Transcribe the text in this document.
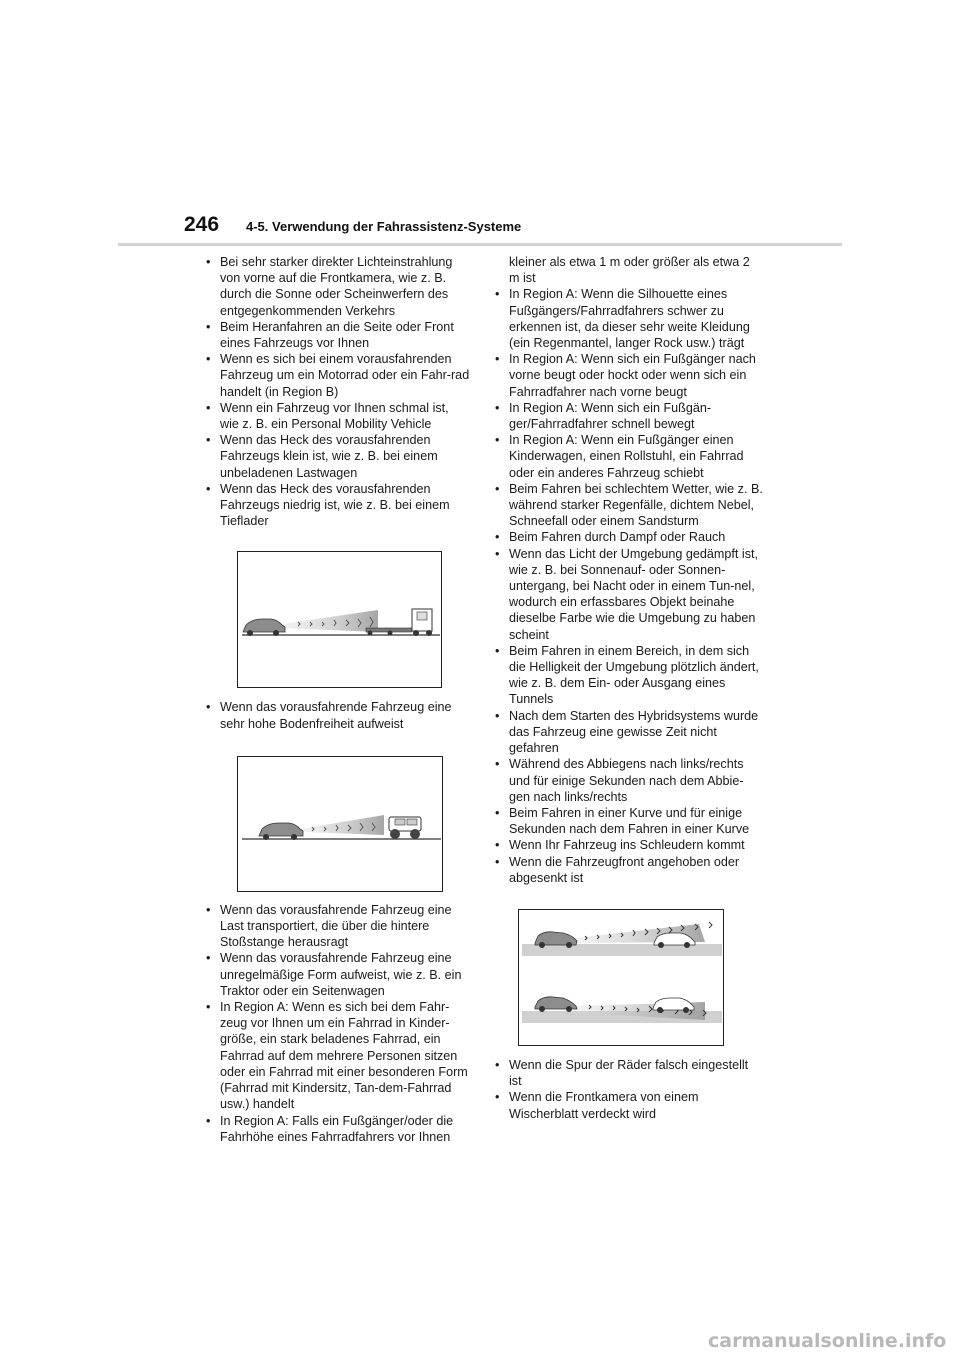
246 4-5. Verwendung der Fahrassistenz-Systeme
• Bei sehr starker direkter Lichteinstrahlung von vorne auf die Frontkamera, wie z. B. durch die Sonne oder Scheinwerfern des entgegenkommenden Verkehrs
• Beim Heranfahren an die Seite oder Front eines Fahrzeugs vor Ihnen
• Wenn es sich bei einem vorausfahrenden Fahrzeug um ein Motorrad oder ein Fahr-rad handelt (in Region B)
• Wenn ein Fahrzeug vor Ihnen schmal ist, wie z. B. ein Personal Mobility Vehicle
• Wenn das Heck des vorausfahrenden Fahrzeugs klein ist, wie z. B. bei einem unbeladenen Lastwagen
• Wenn das Heck des vorausfahrenden Fahrzeugs niedrig ist, wie z. B. bei einem Tieflader
• Wenn das vorausfahrende Fahrzeug eine sehr hohe Bodenfreiheit aufweist
• Wenn das vorausfahrende Fahrzeug eine Last transportiert, die über die hintere Stoßstange herausragt
• Wenn das vorausfahrende Fahrzeug eine unregelmäßige Form aufweist, wie z. B. ein Traktor oder ein Seitenwagen
• In Region A: Wenn es sich bei dem Fahr-zeug vor Ihnen um ein Fahrrad in Kinder-größe, ein stark beladenes Fahrrad, ein Fahrrad auf dem mehrere Personen sitzen oder ein Fahrrad mit einer besonderen Form (Fahrrad mit Kindersitz, Tan-dem-Fahrrad usw.) handelt
• In Region A: Falls ein Fußgänger/oder die Fahrhöhe eines Fahrradfahrers vor Ihnen
kleiner als etwa 1 m oder größer als etwa 2 m ist
• In Region A: Wenn die Silhouette eines Fußgängers/Fahrradfahrers schwer zu erkennen ist, da dieser sehr weite Kleidung (ein Regenmantel, langer Rock usw.) trägt
• In Region A: Wenn sich ein Fußgänger nach vorne beugt oder hockt oder wenn sich ein Fahrradfahrer nach vorne beugt
• In Region A: Wenn sich ein Fußgän-ger/Fahrradfahrer schnell bewegt
• In Region A: Wenn ein Fußgänger einen Kinderwagen, einen Rollstuhl, ein Fahrrad oder ein anderes Fahrzeug schiebt
• Beim Fahren bei schlechtem Wetter, wie z. B. während starker Regenfälle, dichtem Nebel, Schneefall oder einem Sandsturm
• Beim Fahren durch Dampf oder Rauch
• Wenn das Licht der Umgebung gedämpft ist, wie z. B. bei Sonnenauf- oder Sonnen-untergang, bei Nacht oder in einem Tun-nel, wodurch ein erfassbares Objekt beinahe dieselbe Farbe wie die Umgebung zu haben scheint
• Beim Fahren in einem Bereich, in dem sich die Helligkeit der Umgebung plötzlich ändert, wie z. B. dem Ein- oder Ausgang eines Tunnels
• Nach dem Starten des Hybridsystems wurde das Fahrzeug eine gewisse Zeit nicht gefahren
• Während des Abbiegens nach links/rechts und für einige Sekunden nach dem Abbie-gen nach links/rechts
• Beim Fahren in einer Kurve und für einige Sekunden nach dem Fahren in einer Kurve
• Wenn Ihr Fahrzeug ins Schleudern kommt
• Wenn die Fahrzeugfront angehoben oder abgesenkt ist
• Wenn die Spur der Räder falsch eingestellt ist
• Wenn die Frontkamera von einem Wischerblatt verdeckt wird
carmanualsonline.info
